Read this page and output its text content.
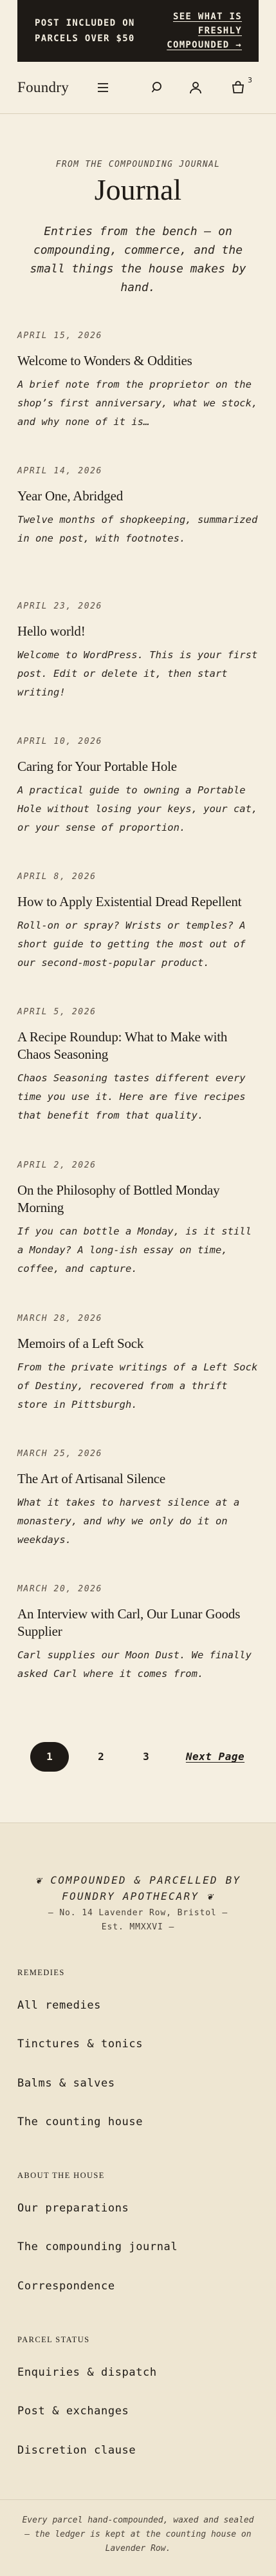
POST INCLUDED ON PARCELS OVER $50
SEE WHAT IS FRESHLY COMPOUNDED →
Foundry	3
FROM THE COMPOUNDING JOURNAL
Journal
Entries from the bench — on compounding, commerce, and the small things the house makes by hand.
APRIL 15, 2026
Welcome to Wonders & Oddities

A brief note from the proprietor on the shop’s first anniversary, what we stock, and why none of it is…

APRIL 14, 2026
Year One, Abridged

Twelve months of shopkeeping, summarized in one post, with footnotes.

APRIL 23, 2026
Hello world!

Welcome to WordPress. This is your first post. Edit or delete it, then start writing!

APRIL 10, 2026
Caring for Your Portable Hole

A practical guide to owning a Portable Hole without losing your keys, your cat, or your sense of proportion.

APRIL 8, 2026
How to Apply Existential Dread Repellent

Roll-on or spray? Wrists or temples? A short guide to getting the most out of our second-most-popular product.

APRIL 5, 2026
A Recipe Roundup: What to Make with Chaos Seasoning

Chaos Seasoning tastes different every time you use it. Here are five recipes that benefit from that quality.

APRIL 2, 2026
On the Philosophy of Bottled Monday Morning

If you can bottle a Monday, is it still a Monday? A long-ish essay on time, coffee, and capture.

MARCH 28, 2026
Memoirs of a Left Sock

From the private writings of a Left Sock of Destiny, recovered from a thrift store in Pittsburgh.

MARCH 25, 2026
The Art of Artisanal Silence

What it takes to harvest silence at a monastery, and why we only do it on weekdays.

MARCH 20, 2026
An Interview with Carl, Our Lunar Goods Supplier

Carl supplies our Moon Dust. We finally asked Carl where it comes from.

1	2	3	Next Page
❦ COMPOUNDED & PARCELLED BY FOUNDRY APOTHECARY ❦
— No. 14 Lavender Row, Bristol — Est. MMXXVI —
REMEDIES
All remedies
Tinctures & tonics
Balms & salves
The counting house
ABOUT THE HOUSE
Our preparations
The compounding journal
Correspondence
PARCEL STATUS
Enquiries & dispatch
Post & exchanges
Discretion clause
Every parcel hand-compounded, waxed and sealed — the ledger is kept at the counting house on Lavender Row.
